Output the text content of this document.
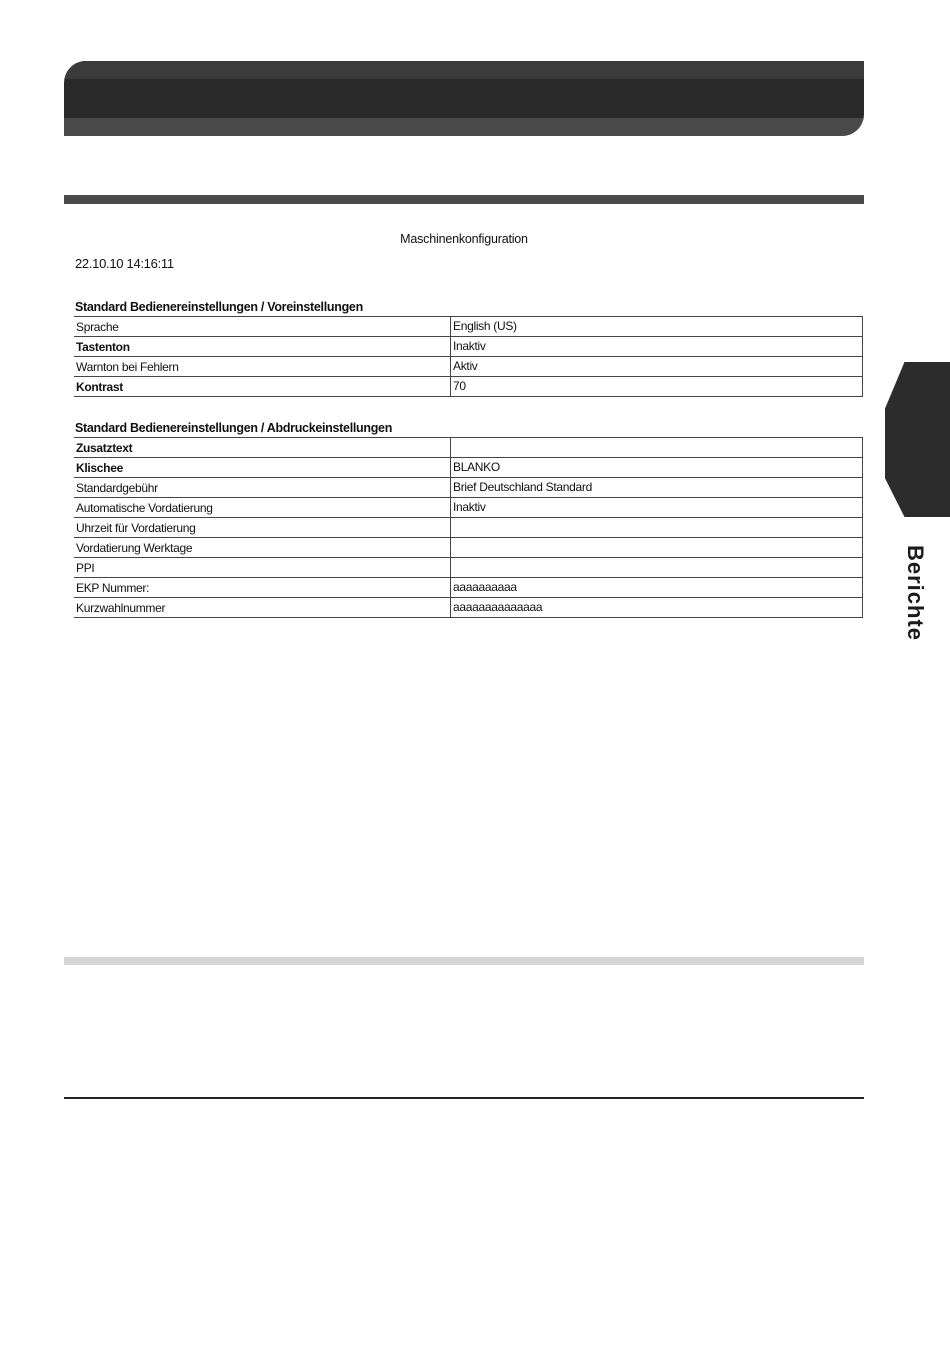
Maschinenkonfiguration
22.10.10 14:16:11
Standard Bedienereinstellungen / Voreinstellungen
Sprache	English (US)
Tastenton	Inaktiv
Warnton bei Fehlern	Aktiv
Kontrast	70
Standard Bedienereinstellungen / Abdruckeinstellungen
Zusatztext
Klischee	BLANKO
Standardgebühr	Brief Deutschland Standard
Automatische Vordatierung	Inaktiv
Uhrzeit für Vordatierung
Vordatierung Werktage
PPI
EKP Nummer:	aaaaaaaaaa
Kurzwahlnummer	aaaaaaaaaaaaaa	Berichte
